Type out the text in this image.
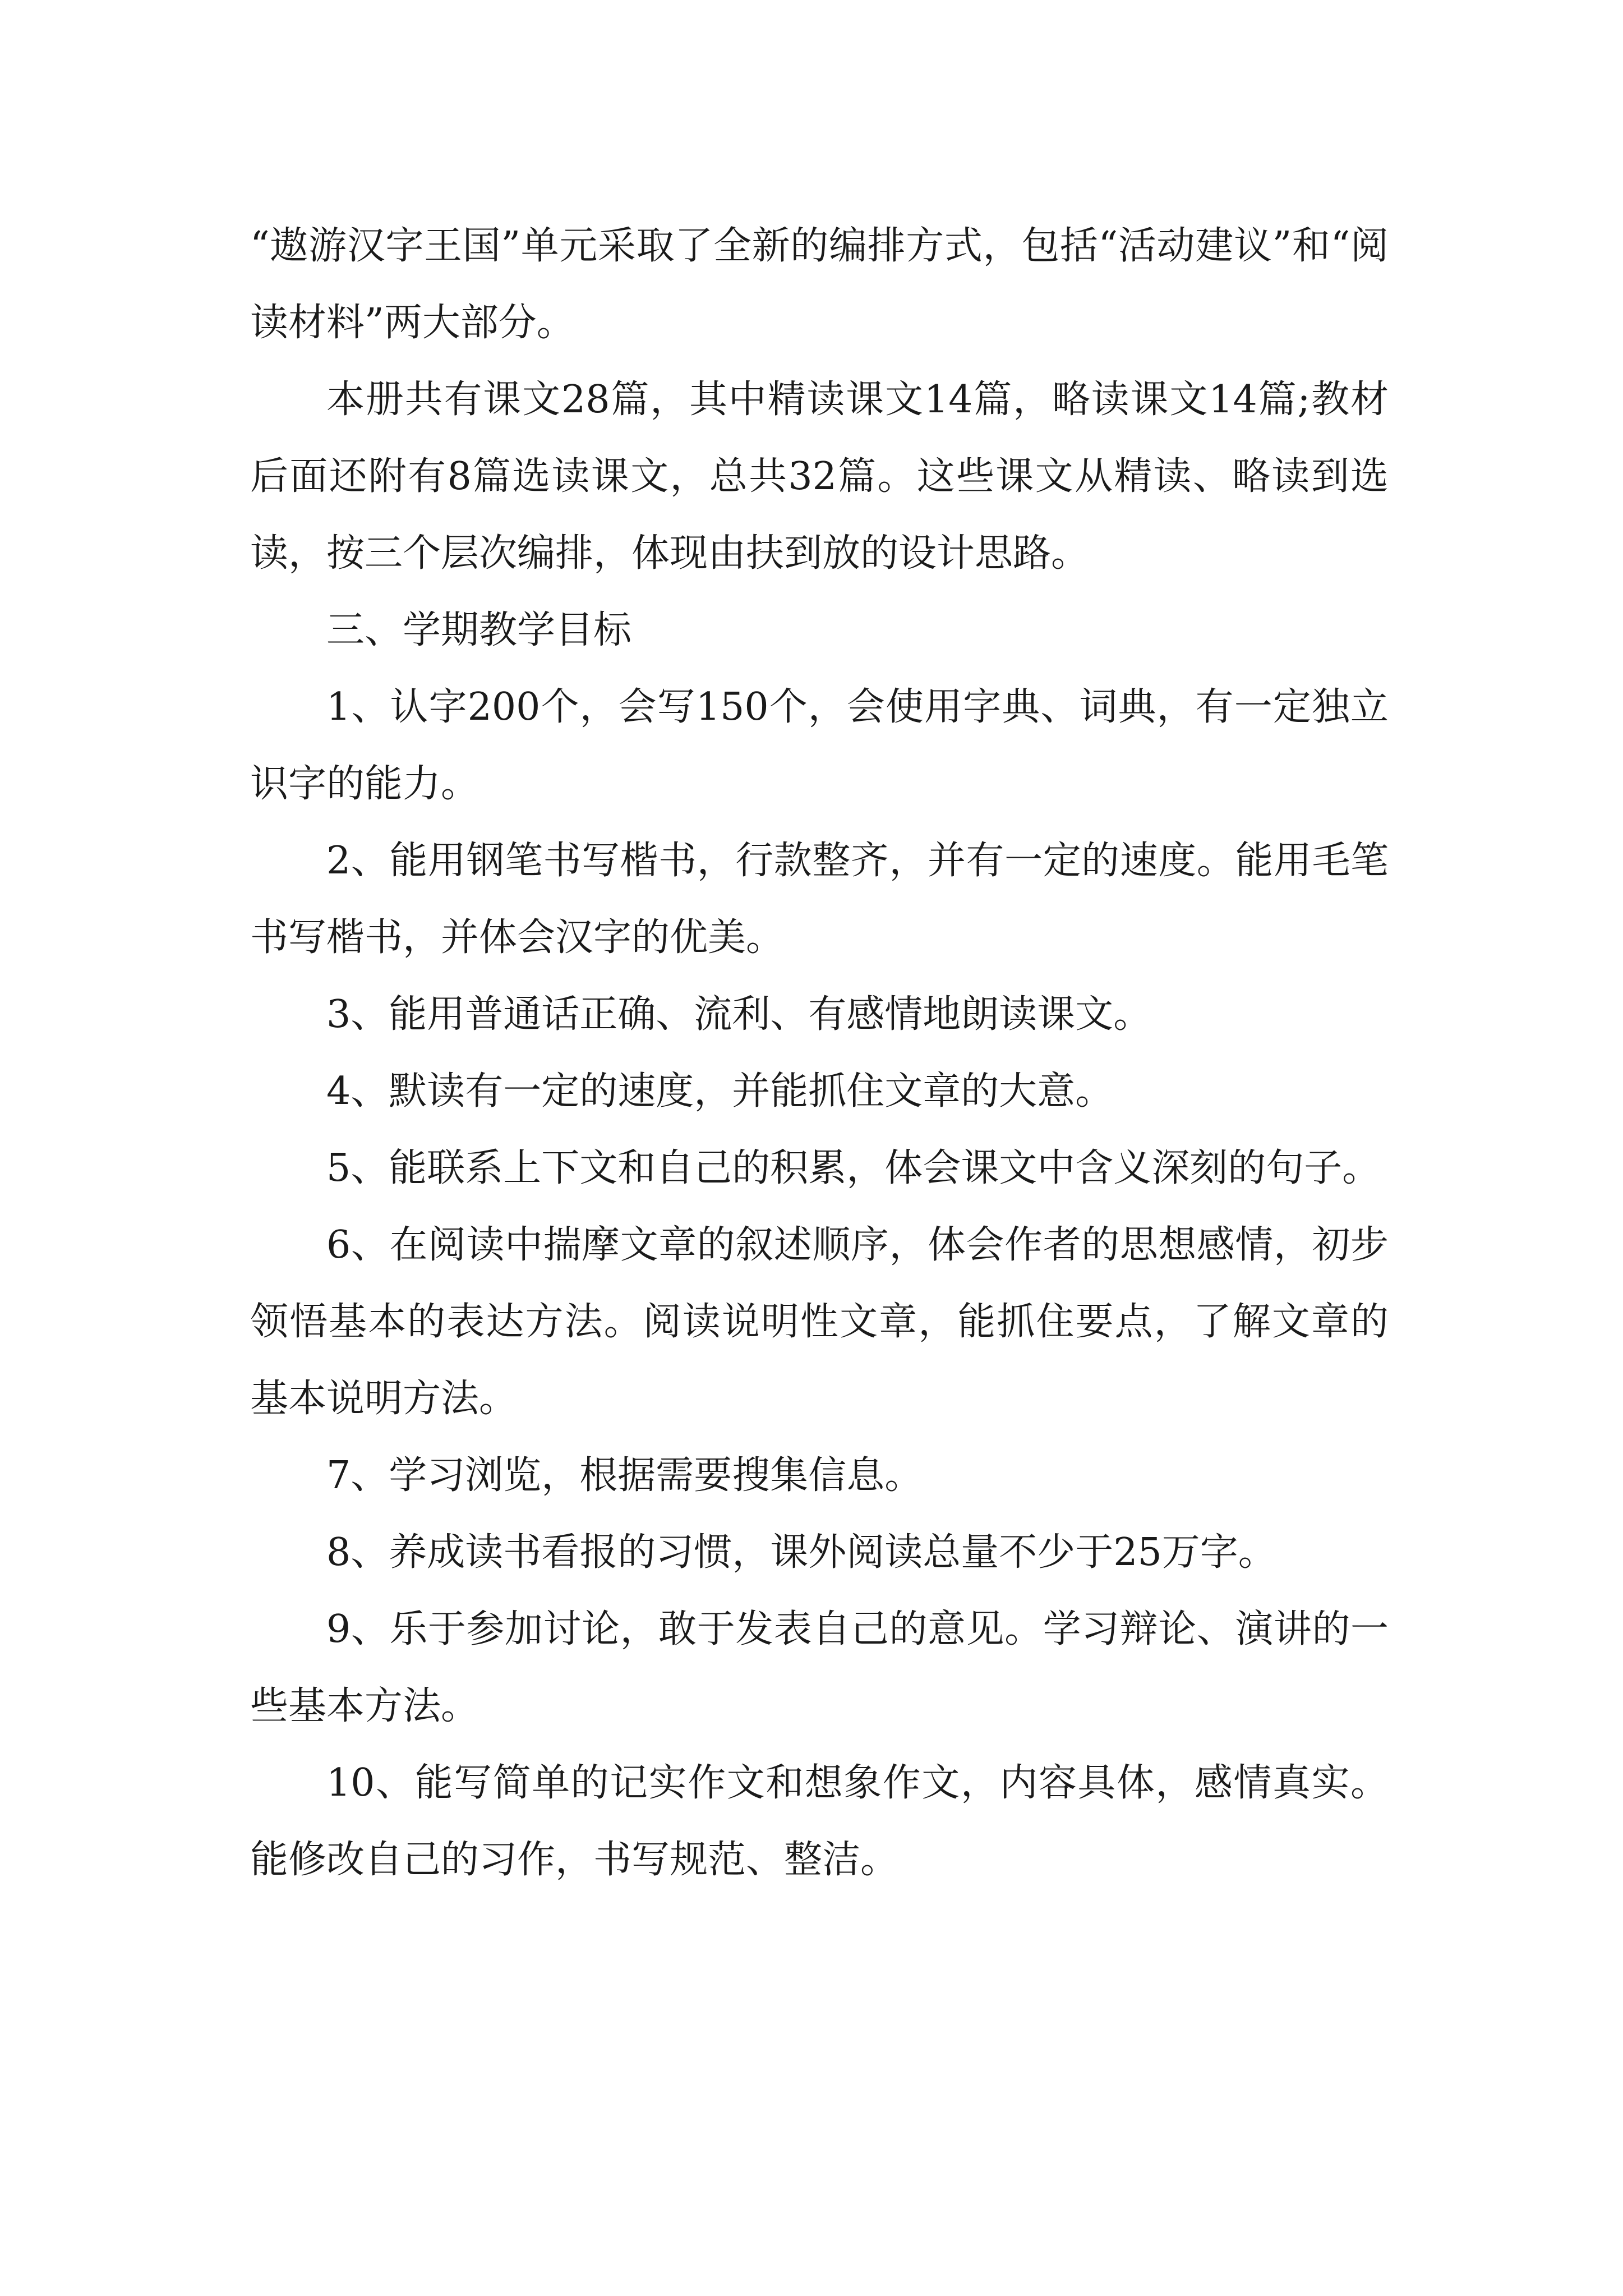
“遨游汉字王国”单元采取了全新的编排方式，包括“活动建议”和“阅读材料”两大部分。

本册共有课文28篇，其中精读课文14篇，略读课文14篇;教材后面还附有8篇选读课文，总共32篇。这些课文从精读、略读到选读，按三个层次编排，体现由扶到放的设计思路。

三、学期教学目标

1、认字200个，会写150个，会使用字典、词典，有一定独立识字的能力。

2、能用钢笔书写楷书，行款整齐，并有一定的速度。能用毛笔书写楷书，并体会汉字的优美。

3、能用普通话正确、流利、有感情地朗读课文。

4、默读有一定的速度，并能抓住文章的大意。

5、能联系上下文和自己的积累，体会课文中含义深刻的句子。

6、在阅读中揣摩文章的叙述顺序，体会作者的思想感情，初步领悟基本的表达方法。阅读说明性文章，能抓住要点，了解文章的基本说明方法。

7、学习浏览，根据需要搜集信息。

8、养成读书看报的习惯，课外阅读总量不少于25万字。

9、乐于参加讨论，敢于发表自己的意见。学习辩论、演讲的一些基本方法。

10、能写简单的记实作文和想象作文，内容具体，感情真实。能修改自己的习作，书写规范、整洁。
